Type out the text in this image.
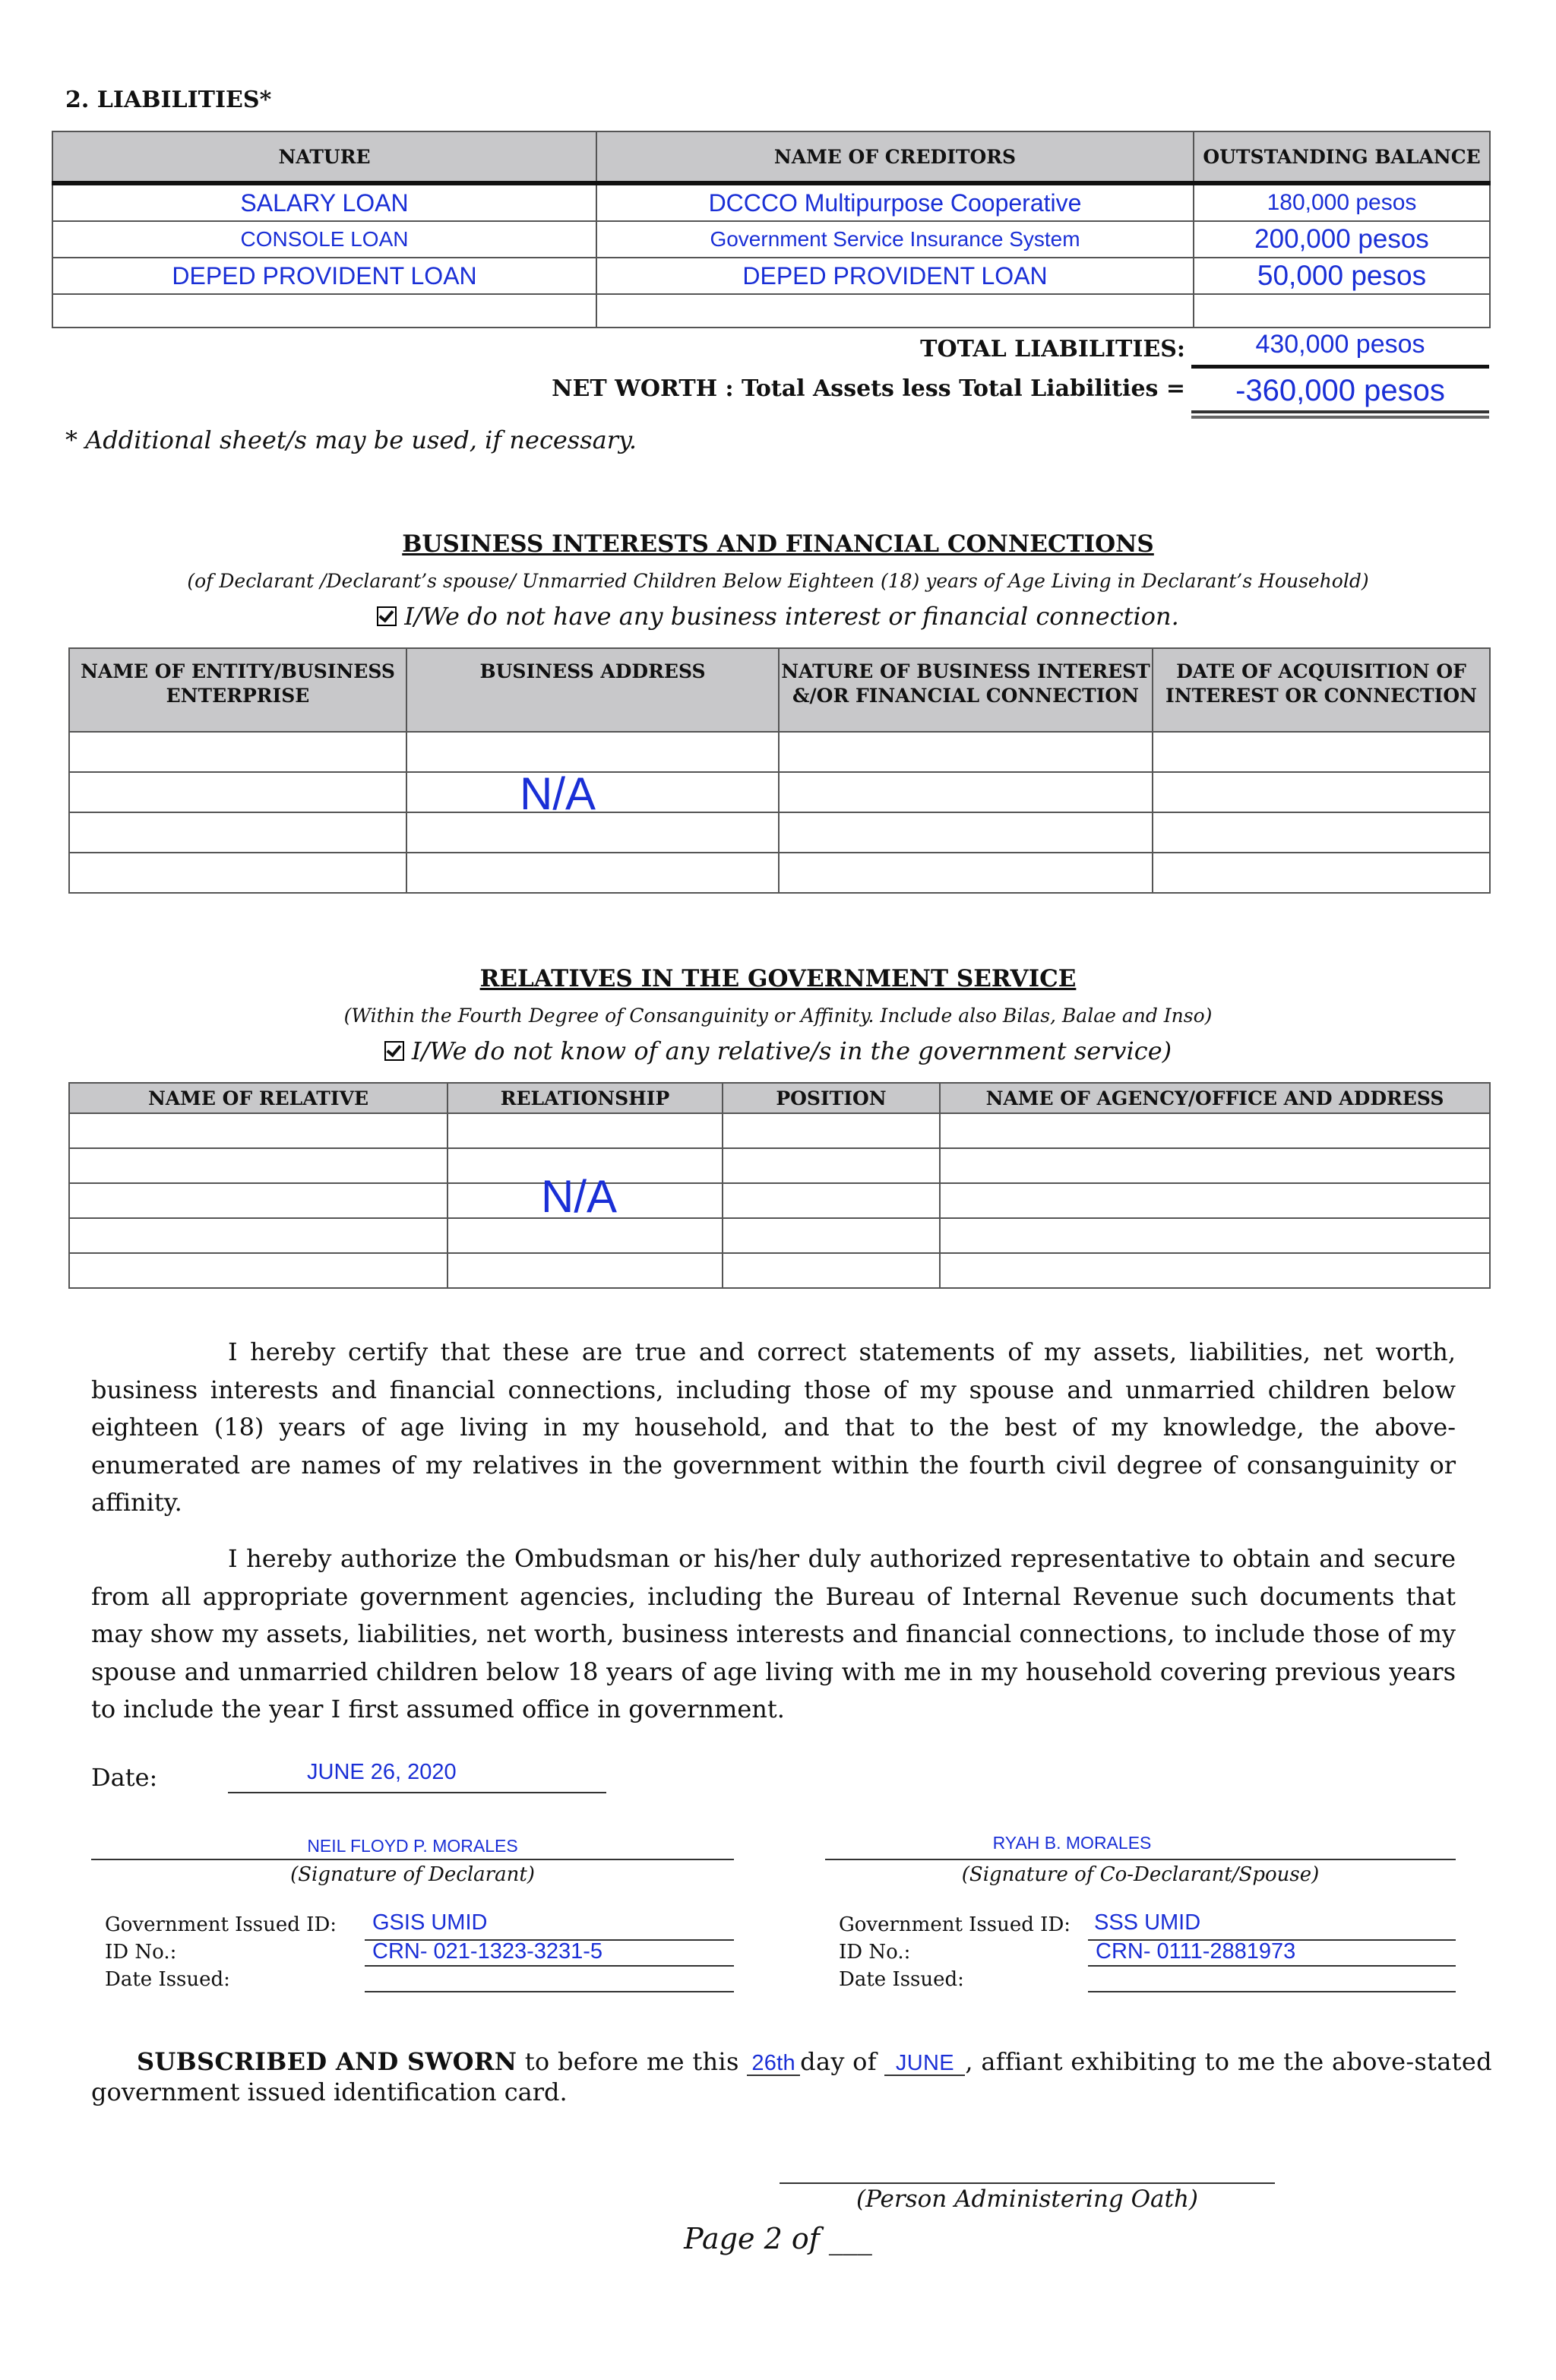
2. LIABILITIES*
NATURE	NAME OF CREDITORS	OUTSTANDING BALANCE
SALARY LOAN	DCCCO Multipurpose Cooperative	180,000 pesos
CONSOLE LOAN	Government Service Insurance System	200,000 pesos
DEPED PROVIDENT LOAN	DEPED PROVIDENT LOAN	50,000 pesos

TOTAL LIABILITIES:	430,000 pesos
NET WORTH : Total Assets less Total Liabilities =	-360,000 pesos
* Additional sheet/s may be used, if necessary.
BUSINESS INTERESTS AND FINANCIAL CONNECTIONS
(of Declarant /Declarant’s spouse/ Unmarried Children Below Eighteen (18) years of Age Living in Declarant’s Household)
I/We do not have any business interest or financial connection.
NAME OF ENTITY/BUSINESS ENTERPRISE	BUSINESS ADDRESS	NATURE OF BUSINESS INTEREST &/OR FINANCIAL CONNECTION	DATE OF ACQUISITION OF INTEREST OR CONNECTION

N/A
RELATIVES IN THE GOVERNMENT SERVICE
(Within the Fourth Degree of Consanguinity or Affinity. Include also Bilas, Balae and Inso)
I/We do not know of any relative/s in the government service)
NAME OF RELATIVE	RELATIONSHIP	POSITION	NAME OF AGENCY/OFFICE AND ADDRESS

N/A
I hereby certify that these are true and correct statements of my assets, liabilities, net worth, business interests and financial connections, including those of my spouse and unmarried children below eighteen (18) years of age living in my household, and that to the best of my knowledge, the above-enumerated are names of my relatives in the government within the fourth civil degree of consanguinity or affinity.
I hereby authorize the Ombudsman or his/her duly authorized representative to obtain and secure from all appropriate government agencies, including the Bureau of Internal Revenue such documents that may show my assets, liabilities, net worth, business interests and financial connections, to include those of my spouse and unmarried children below 18 years of age living with me in my household covering previous years to include the year I first assumed office in government.
Date:	JUNE 26, 2020
NEIL FLOYD P. MORALES
(Signature of Declarant)
RYAH B. MORALES
(Signature of Co-Declarant/Spouse)
Government Issued ID: GSIS UMID
ID No.:	CRN- 021-1323-3231-5
Date Issued:
Government Issued ID: SSS UMID
ID No.:	CRN- 0111-2881973
Date Issued:
SUBSCRIBED AND SWORN to before me this 26th day of JUNE , affiant exhibiting to me the above-stated
government issued identification card.
(Person Administering Oath)
Page 2 of ___
